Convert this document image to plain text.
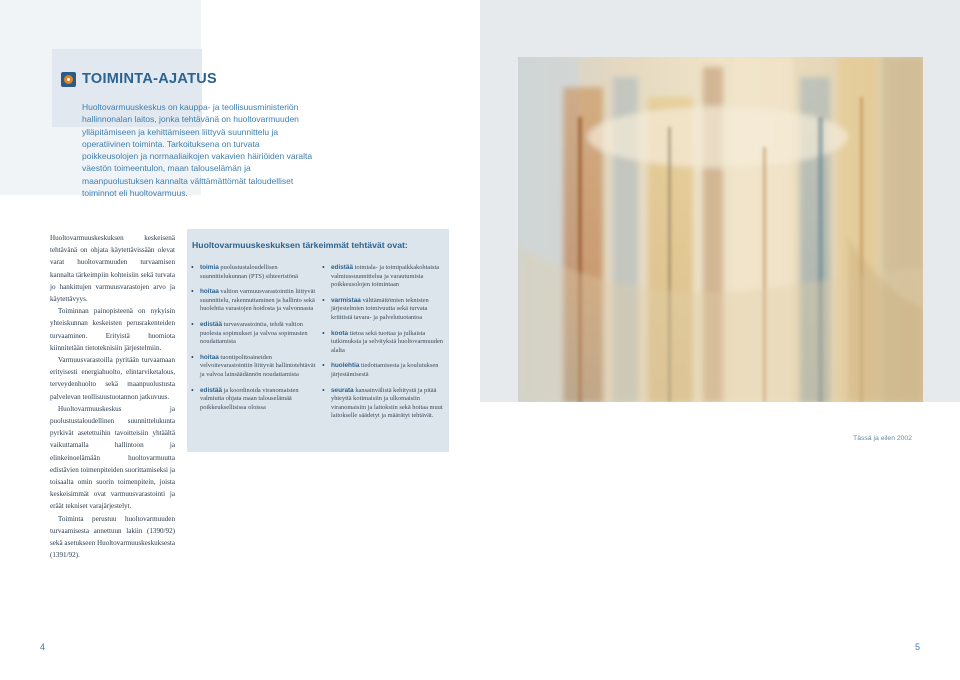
TOIMINTA-AJATUS

Huoltovarmuuskeskus on kauppa- ja teollisuusministeriön hallinnonalan laitos, jonka tehtävänä on huoltovarmuuden ylläpitämiseen ja kehittämiseen liittyvä suunnittelu ja operatiivinen toiminta. Tarkoituksena on turvata poikkeusolojen ja normaaliaikojen vakavien häiriöiden varalta väestön toimeentulon, maan talouselämän ja maanpuolustuksen kannalta välttämättömät taloudelliset toiminnot eli huoltovarmuus.

Huoltovarmuuskeskuksen keskeisenä tehtävänä on ohjata käytettävissään olevat varat huoltovarmuuden turvaamisen kannalta tärkeimpiin kohteisiin sekä turvata jo hankittujen varmuusvarastojen arvo ja käytettävyys.

Toiminnan painopisteenä on nykyisin yhteiskunnan keskeisten perusrakenteiden turvaaminen. Erityistä huomiota kiinnitetään tietoteknisiin järjestelmiin.

Varmuusvarastoilla pyritään turvaamaan erityisesti energiahuolto, elintarviketalous, terveydenhuolto sekä maanpuolustusta palvelevan teollisuustuotannon jatkuvuus.

Huoltovarmuuskeskus ja puolustustaloudellinen suunnittelukunta pyrkivät asetettuihin tavoitteisiin yhtäältä vaikuttamalla hallintoon ja elinkeinoelämään huoltovarmuutta edistävien toimenpiteiden suorittamiseksi ja toisaalta omin suorin toimenpitein, joista keskeisimmät ovat varmuusvarastointi ja eräät tekniset varajärjestelyt.

Toiminta perustuu huoltovarmuuden turvaamisesta annettuun lakiin (1390/92) sekä asetukseen Huoltovarmuuskeskuksesta (1391/92).

Huoltovarmuuskeskuksen tärkeimmät tehtävät ovat:
• toimia puolustustaloudellisen suunnittelukunnan (PTS) sihteeristönä
• hoitaa valtion varmuusvarastointiin liittyvät suunnittelu, rakennuttaminen ja hallinto sekä huolehtia varastojen hoidosta ja valvonnasta
• edistää turvavarastointia, tehdä valtion puolesta sopimukset ja valvoa sopimusten noudattamista
• hoitaa tuontipolttoaineiden velvoitevarastointiin liittyvät hallintotehtävät ja valvoa lainsäädännön noudattamista
• edistää ja koordinoida viranomaisten valmiutta ohjata maan talouselämää poikkeuksellisissa oloissa
• edistää toimiala- ja toimipaikkakohtaista valmiussuunnittelua ja varautumista poikkeusolojen toimintaan
• varmistaa välttämättömien teknisten järjestelmien toimivuutta sekä turvata kriittistä tavara- ja palvelutuotantoa
• koota tietoa sekä tuottaa ja julkaista tutkimuksia ja selvityksiä huoltovarmuuden alalta
• huolehtia tiedottamisesta ja koulutuksen järjestämisestä
• seurata kansainvälistä kehitystä ja pitää yhteyttä kotimaisiin ja ulkomaisiin viranomaisiin ja laitoksiin sekä hoitaa muut laitokselle säädetyt ja määrätyt tehtävät.
Tässä ja eilen 2002
4	5
